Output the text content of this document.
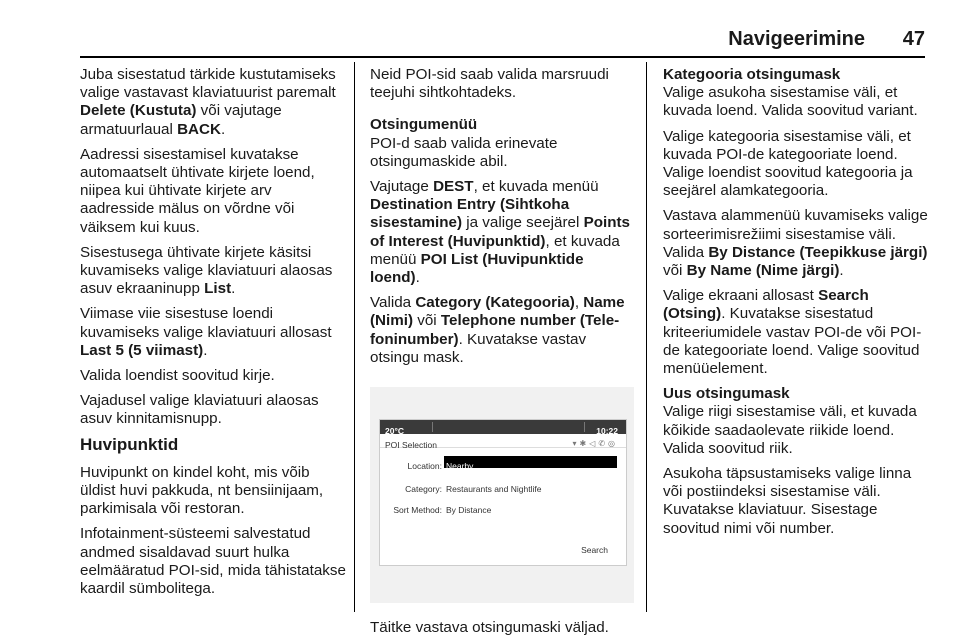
Navigeerimine 47

Juba sisestatud tärkide kustutamiseks valige vastavast klaviatuurist paremalt Delete (Kustuta) või vajutage armatuurlaual BACK.

Aadressi sisestamisel kuvatakse automaatselt ühtivate kirjete loend, niipea kui ühtivate kirjete arv aadresside mälus on võrdne või väiksem kui kuus.

Sisestusega ühtivate kirjete käsitsi kuvamiseks valige klaviatuuri alaosas asuv ekraaninupp List.

Viimase viie sisestuse loendi kuvamiseks valige klaviatuuri allosast Last 5 (5 viimast).

Valida loendist soovitud kirje.

Vajadusel valige klaviatuuri alaosas asuv kinnitamisnupp.

Huvipunktid

Huvipunkt on kindel koht, mis võib üldist huvi pakkuda, nt bensiinijaam, parkimisala või restoran.

Infotainment-süsteemi salvestatud andmed sisaldavad suurt hulka eelmääratud POI-sid, mida tähistatakse kaardil sümbolitega.

Neid POI-sid saab valida marsruudi teejuhi sihtkohtadeks.

Otsingumenüü

POI-d saab valida erinevate otsingumaskide abil.

Vajutage DEST, et kuvada menüü Destination Entry (Sihtkoha sisestamine) ja valige seejärel Points of Interest (Huvipunktid), et kuvada menüü POI List (Huvipunktide loend).

Valida Category (Kategooria), Name (Nimi) või Telephone number (Telefoninumber). Kuvatakse vastav otsingu mask.

20°C	10:22
POI Selection	▾✱◁✆◎
Location: Nearby
Category: Restaurants and Nightlife
Sort Method: By Distance
Search

Täitke vastava otsingumaski väljad.

Kategooria otsingumask

Valige asukoha sisestamise väli, et kuvada loend. Valida soovitud variant.

Valige kategooria sisestamise väli, et kuvada POI-de kategooriate loend. Valige loendist soovitud kategooria ja seejärel alamkategooria.

Vastava alammenüü kuvamiseks valige sorteerimisrežiimi sisestamise väli. Valida By Distance (Teepikkuse järgi) või By Name (Nime järgi).

Valige ekraani allosast Search (Otsing). Kuvatakse sisestatud kriteeriumidele vastav POI-de või POI-de kategooriate loend. Valige soovitud menüüelement.

Uus otsingumask

Valige riigi sisestamise väli, et kuvada kõikide saadaolevate riikide loend. Valida soovitud riik.

Asukoha täpsustamiseks valige linna või postiindeksi sisestamise väli. Kuvatakse klaviatuur. Sisestage soovitud nimi või number.
